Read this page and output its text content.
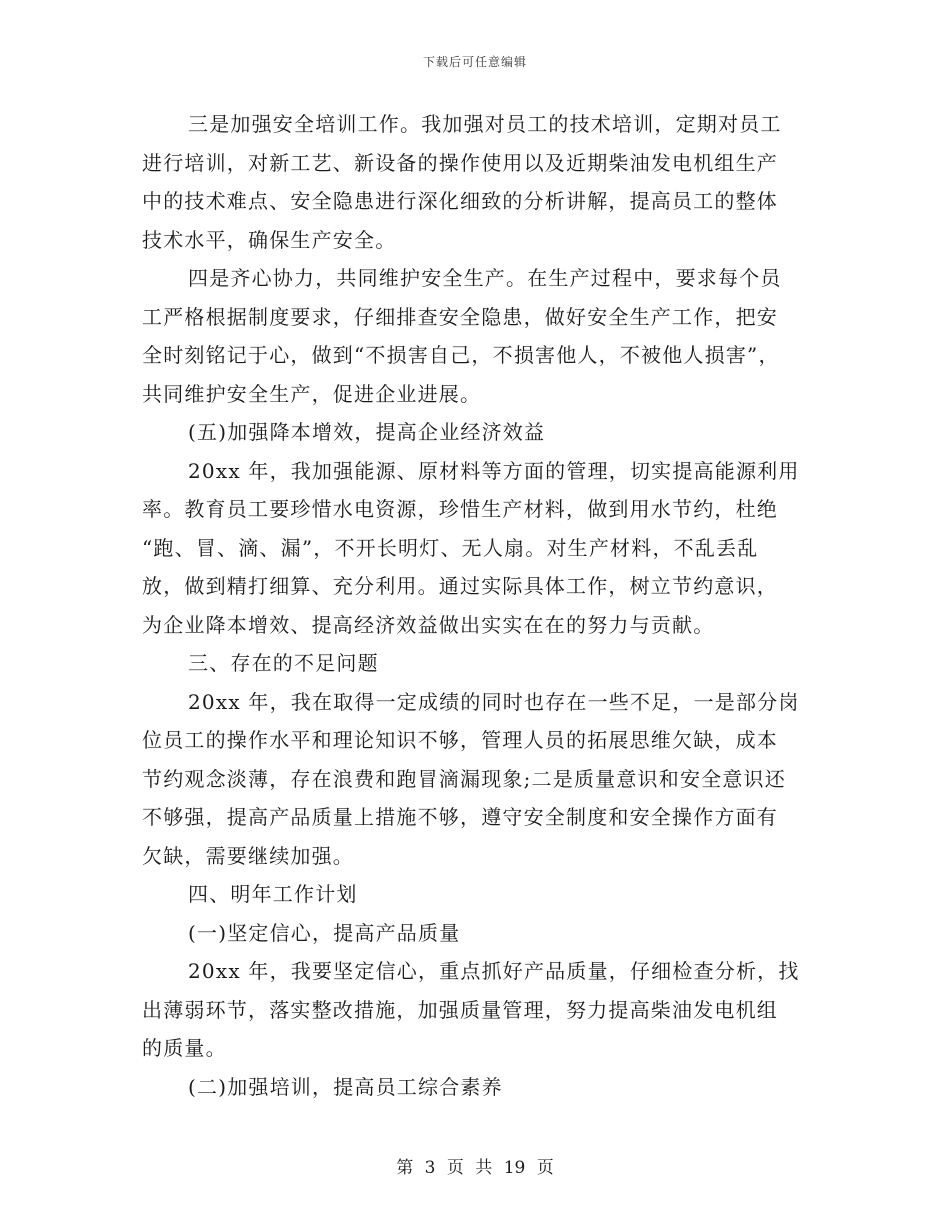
下载后可任意编辑
三是加强安全培训工作。我加强对员工的技术培训，定期对员工
进行培训，对新工艺、新设备的操作使用以及近期柴油发电机组生产
中的技术难点、安全隐患进行深化细致的分析讲解，提高员工的整体
技术水平，确保生产安全。
四是齐心协力，共同维护安全生产。在生产过程中，要求每个员
工严格根据制度要求，仔细排查安全隐患，做好安全生产工作，把安
全时刻铭记于心，做到“不损害自己，不损害他人，不被他人损害”，
共同维护安全生产，促进企业进展。
(五)加强降本增效，提高企业经济效益
20xx 年，我加强能源、原材料等方面的管理，切实提高能源利用
率。教育员工要珍惜水电资源，珍惜生产材料，做到用水节约，杜绝
“跑、冒、滴、漏”，不开长明灯、无人扇。对生产材料，不乱丢乱
放，做到精打细算、充分利用。通过实际具体工作，树立节约意识，
为企业降本增效、提高经济效益做出实实在在的努力与贡献。
三、存在的不足问题
20xx 年，我在取得一定成绩的同时也存在一些不足，一是部分岗
位员工的操作水平和理论知识不够，管理人员的拓展思维欠缺，成本
节约观念淡薄，存在浪费和跑冒滴漏现象;二是质量意识和安全意识还
不够强，提高产品质量上措施不够，遵守安全制度和安全操作方面有
欠缺，需要继续加强。
四、明年工作计划
(一)坚定信心，提高产品质量
20xx 年，我要坚定信心，重点抓好产品质量，仔细检查分析，找
出薄弱环节，落实整改措施，加强质量管理，努力提高柴油发电机组
的质量。
(二)加强培训，提高员工综合素养
第 3 页 共 19 页
